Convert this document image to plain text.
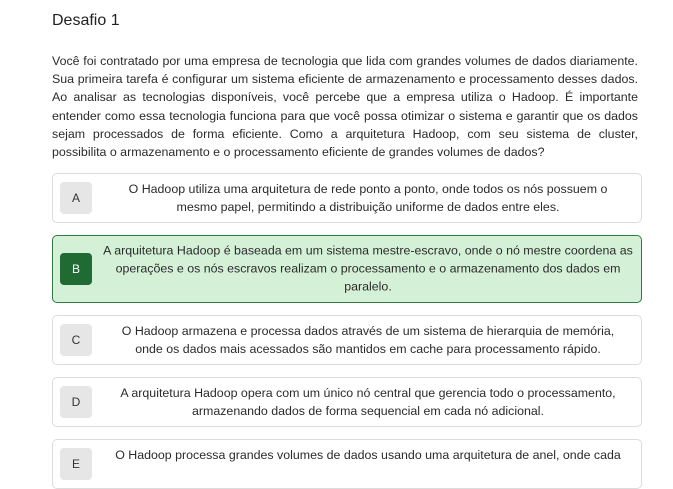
Desafio 1

Você foi contratado por uma empresa de tecnologia que lida com grandes volumes de dados diariamente. Sua primeira tarefa é configurar um sistema eficiente de armazenamento e processamento desses dados. Ao analisar as tecnologias disponíveis, você percebe que a empresa utiliza o Hadoop. É importante entender como essa tecnologia funciona para que você possa otimizar o sistema e garantir que os dados sejam processados de forma eficiente. Como a arquitetura Hadoop, com seu sistema de cluster, possibilita o armazenamento e o processamento eficiente de grandes volumes de dados?

A
O Hadoop utiliza uma arquitetura de rede ponto a ponto, onde todos os nós possuem o mesmo papel, permitindo a distribuição uniforme de dados entre eles.
B
A arquitetura Hadoop é baseada em um sistema mestre-escravo, onde o nó mestre coordena as operações e os nós escravos realizam o processamento e o armazenamento dos dados em paralelo.
C
O Hadoop armazena e processa dados através de um sistema de hierarquia de memória, onde os dados mais acessados são mantidos em cache para processamento rápido.
D
A arquitetura Hadoop opera com um único nó central que gerencia todo o processamento, armazenando dados de forma sequencial em cada nó adicional.
E
O Hadoop processa grandes volumes de dados usando uma arquitetura de anel, onde cada
